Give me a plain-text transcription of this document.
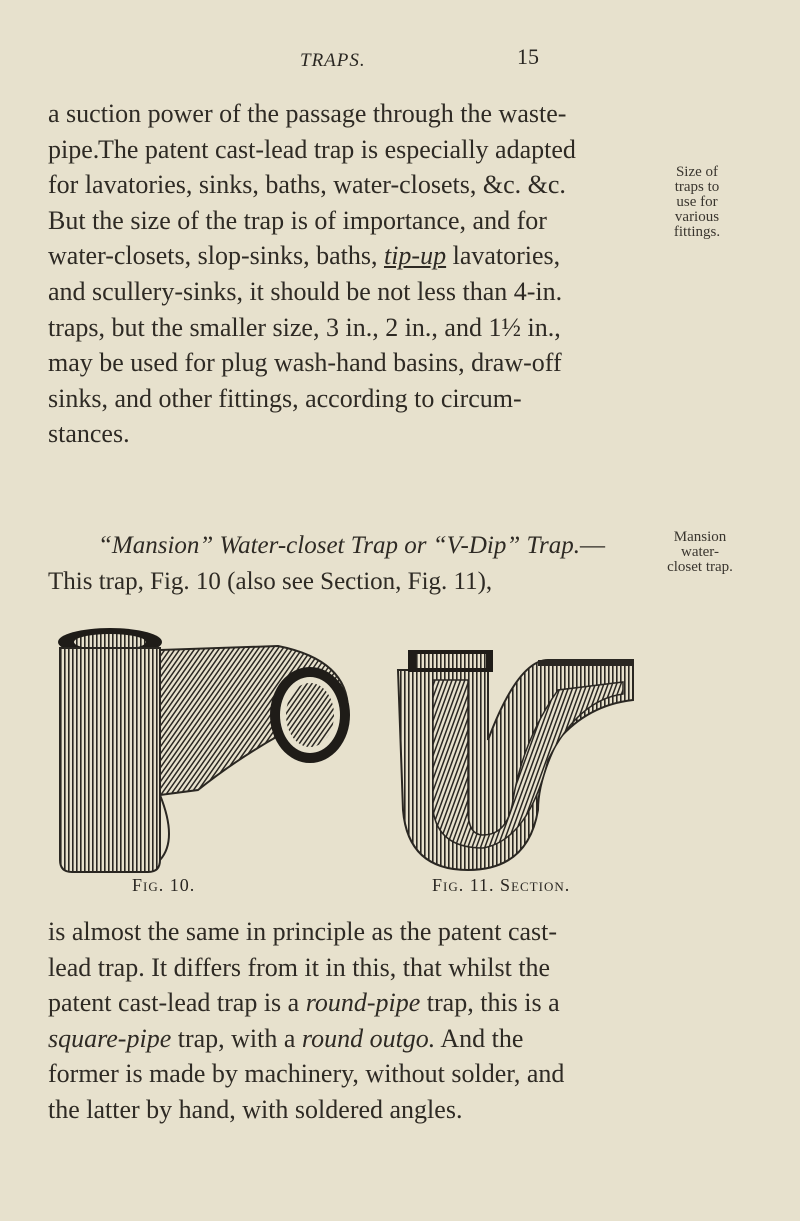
TRAPS.	15
a suction power of the passage through the waste-
pipe.
The patent cast-lead trap is especially adapted
for lavatories, sinks, baths, water-closets, &c. &c.
But the size of the trap is of importance, and for
water-closets, slop-sinks, baths, tip-up lavatories,
and scullery-sinks, it should be not less than 4-in.
traps, but the smaller size, 3 in., 2 in., and 1½ in.,
may be used for plug wash-hand basins, draw-off
sinks, and other fittings, according to circum-
stances.
Size of
traps to
use for
various
fittings.
“Mansion” Water-closet Trap or “V-Dip” Trap.—This trap, Fig. 10 (also see Section, Fig. 11),
Mansion
water-
closet trap.
Fig. 10.	Fig. 11. Section.
is almost the same in principle as the patent cast-
lead trap. It differs from it in this, that whilst the
patent cast-lead trap is a round-pipe trap, this is a
square-pipe trap, with a round outgo. And the
former is made by machinery, without solder, and
the latter by hand, with soldered angles.
